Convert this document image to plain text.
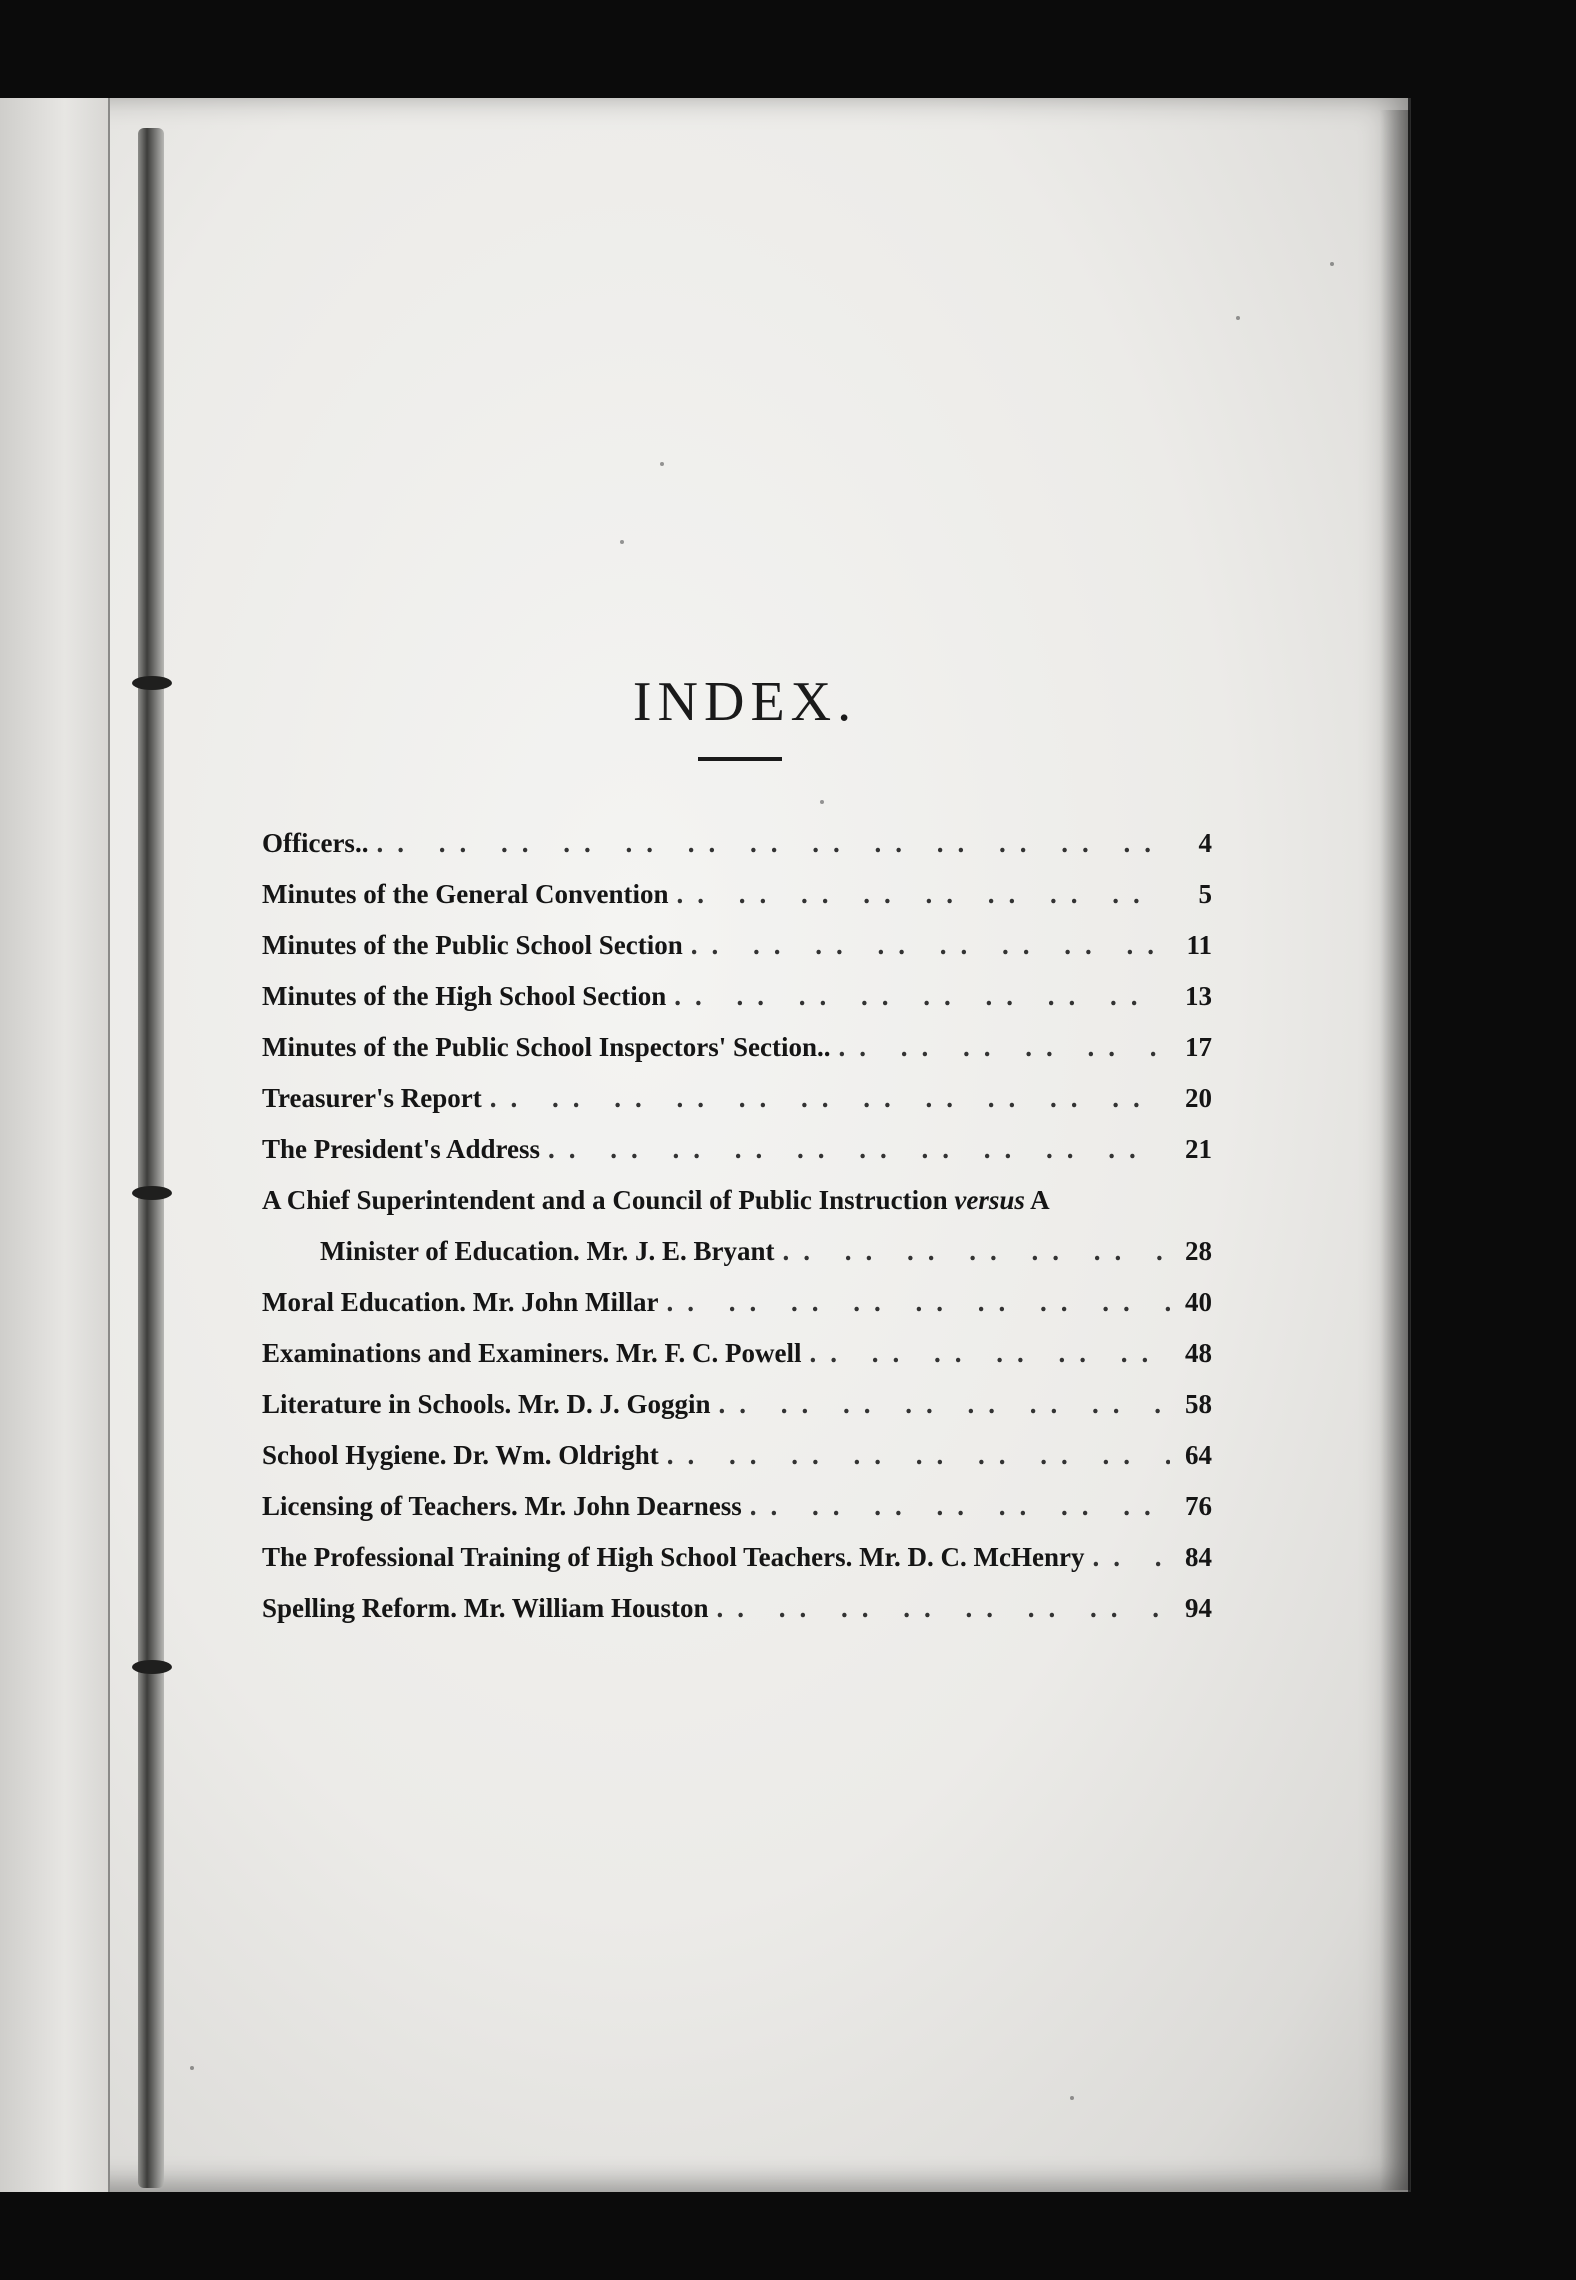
INDEX.
Officers.. .. ..	4
Minutes of the General Convention .. ..	5
Minutes of the Public School Section .. ..	11
Minutes of the High School Section .. ..	13
Minutes of the Public School Inspectors' Section.. .. ..	17
Treasurer's Report .. ..	20
The President's Address .. ..	21
A Chief Superintendent and a Council of Public Instruction versus A
Minister of Education. Mr. J. E. Bryant .. ..	28
Moral Education. Mr. John Millar .. ..	40
Examinations and Examiners. Mr. F. C. Powell .. ..	48
Literature in Schools. Mr. D. J. Goggin .. ..	58
School Hygiene. Dr. Wm. Oldright .. ..	64
Licensing of Teachers. Mr. John Dearness .. ..	76
The Professional Training of High School Teachers. Mr. D. C. McHenry .. ..	84
Spelling Reform. Mr. William Houston .. ..	94
